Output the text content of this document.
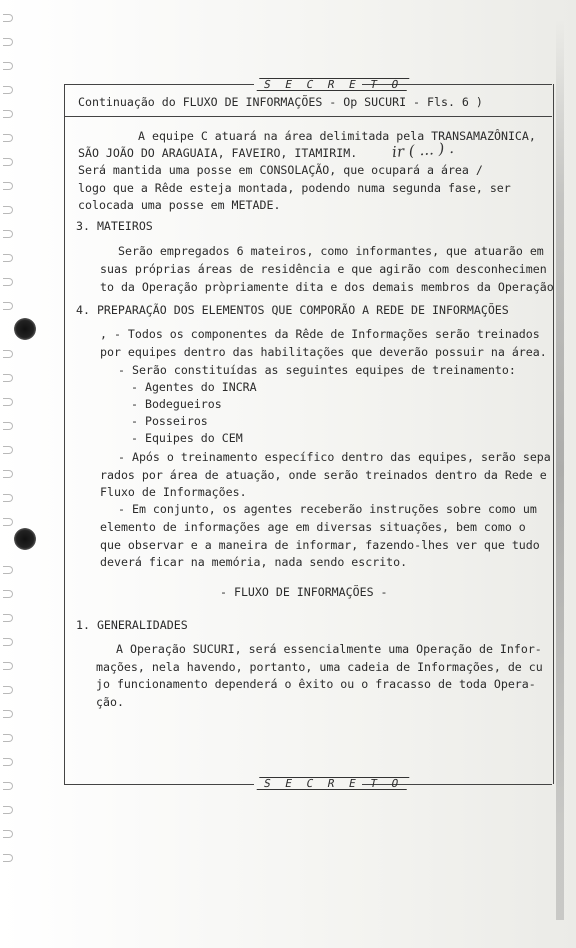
S E C R E T O
Continuação do FLUXO DE INFORMAÇÕES - Op SUCURI - Fls. 6 )
A equipe C atuará na área delimitada pela TRANSAMAZÔNICA,
SÃO JOÃO DO ARAGUAIA, FAVEIRO, ITAMIRIM. ir ( ... ) .
Será mantida uma posse em CONSOLAÇÃO, que ocupará a área /
logo que a Rêde esteja montada, podendo numa segunda fase, ser
colocada uma posse em METADE.
3. MATEIROS
Serão empregados 6 mateiros, como informantes, que atuarão em
suas próprias áreas de residência e que agirão com desconhecimen
to da Operação pròpriamente dita e dos demais membros da Operação
4. PREPARAÇÃO DOS ELEMENTOS QUE COMPORÃO A REDE DE INFORMAÇÕES
, - Todos os componentes da Rêde de Informações serão treinados
por equipes dentro das habilitações que deverão possuir na área.
- Serão constituídas as seguintes equipes de treinamento:
- Agentes do INCRA
- Bodegueiros
- Posseiros
- Equipes do CEM
- Após o treinamento específico dentro das equipes, serão sepa
rados por área de atuação, onde serão treinados dentro da Rede e
Fluxo de Informações.
- Em conjunto, os agentes receberão instruções sobre como um
elemento de informações age em diversas situações, bem como o
que observar e a maneira de informar, fazendo-lhes ver que tudo
deverá ficar na memória, nada sendo escrito.
- FLUXO DE INFORMAÇÕES -
1. GENERALIDADES
A Operação SUCURI, será essencialmente uma Operação de Infor-
mações, nela havendo, portanto, uma cadeia de Informações, de cu
jo funcionamento dependerá o êxito ou o fracasso de toda Opera-
ção.
S E C R E T O
